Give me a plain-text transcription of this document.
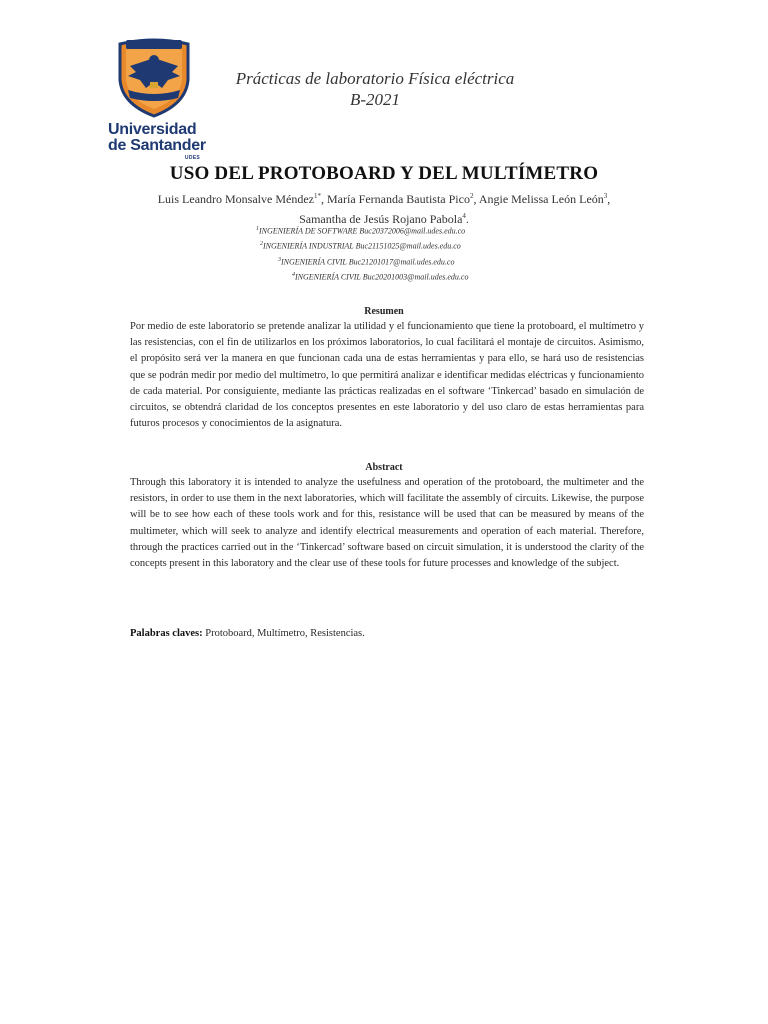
Universidad
de Santander
UDES
Prácticas de laboratorio Física eléctrica
B-2021
USO DEL PROTOBOARD Y DEL MULTÍMETRO
Luis Leandro Monsalve Méndez$^{1*}$, María Fernanda Bautista Pico$^2$, Angie Melissa León León$^3$,
Samantha de Jesús Rojano Pabola$^4$.
$^1$INGENIERÍA DE SOFTWARE Buc20372006@mail.udes.edu.co
$^2$INGENIERÍA INDUSTRIAL Buc21151025@mail.udes.edu.co
$^3$INGENIERÍA CIVIL Buc21201017@mail.udes.edu.co
$^4$INGENIERÍA CIVIL Buc20201003@mail.udes.edu.co
Resumen
Por medio de este laboratorio se pretende analizar la utilidad y el funcionamiento que tiene la protoboard, el multímetro y las resistencias, con el fin de utilizarlos en los próximos laboratorios, lo cual facilitará el montaje de circuitos. Asimismo, el propósito será ver la manera en que funcionan cada una de estas herramientas y para ello, se hará uso de resistencias que se podrán medir por medio del multímetro, lo que permitirá analizar e identificar medidas eléctricas y funcionamiento de cada material. Por consiguiente, mediante las prácticas realizadas en el software ‘Tinkercad’ basado en simulación de circuitos, se obtendrá claridad de los conceptos presentes en este laboratorio y del uso claro de estas herramientas para futuros procesos y conocimientos de la asignatura.
Abstract
Through this laboratory it is intended to analyze the usefulness and operation of the protoboard, the multimeter and the resistors, in order to use them in the next laboratories, which will facilitate the assembly of circuits. Likewise, the purpose will be to see how each of these tools work and for this, resistance will be used that can be measured by means of the multimeter, which will seek to analyze and identify electrical measurements and operation of each material. Therefore, through the practices carried out in the ‘Tinkercad’ software based on circuit simulation, it is understood the clarity of the concepts present in this laboratory and the clear use of these tools for future processes and knowledge of the subject.
Palabras claves: Protoboard, Multímetro, Resistencias.
